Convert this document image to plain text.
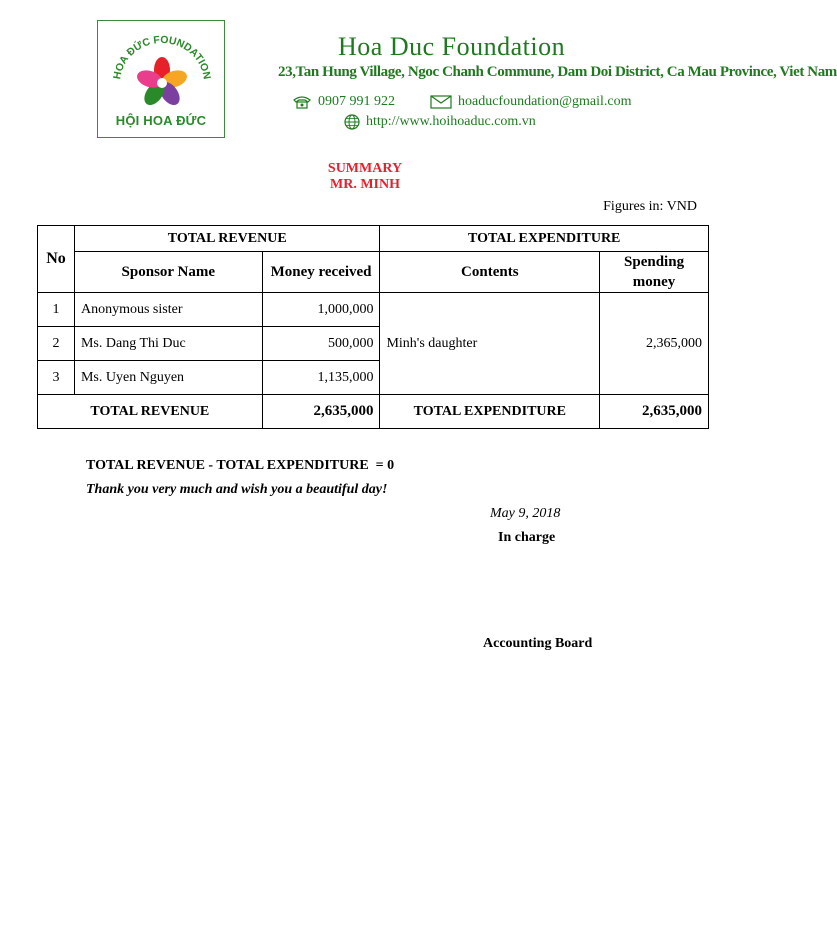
HOA ĐỨC FOUNDATION
HỘI HOA ĐỨC
Hoa Duc Foundation
23,Tan Hung Village, Ngoc Chanh Commune, Dam Doi District, Ca Mau Province, Viet Nam
0907 991 922	hoaducfoundation@gmail.com
http://www.hoihoaduc.com.vn
SUMMARY
MR. MINH
Figures in: VND
No	TOTAL REVENUE		TOTAL EXPENDITURE	
	Sponsor Name	Money received	Contents	Spending money
1	Anonymous sister	1,000,000	Minh's daughter	2,365,000
2	Ms. Dang Thi Duc	500,000		
3	Ms. Uyen Nguyen	1,135,000		
TOTAL REVENUE		2,635,000	TOTAL EXPENDITURE	2,635,000
TOTAL REVENUE - TOTAL EXPENDITURE  = 0
Thank you very much and wish you a beautiful day!
May 9, 2018
In charge
Accounting Board
